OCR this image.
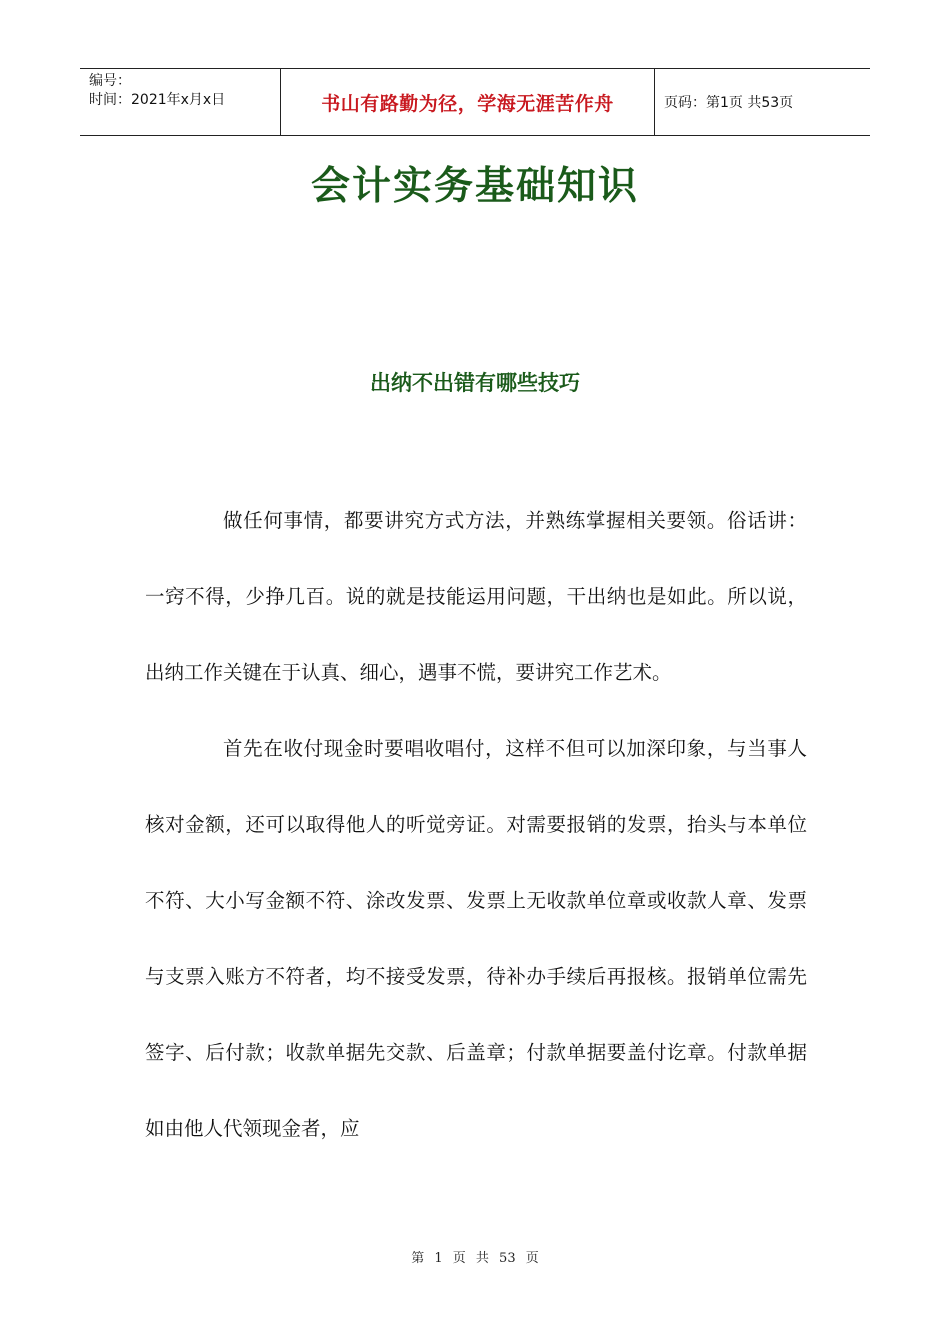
编号：
时间：2021年x月x日	书山有路勤为径，学海无涯苦作舟	页码：第1页 共53页
会计实务基础知识
出纳不出错有哪些技巧

做任何事情，都要讲究方式方法，并熟练掌握相关要领。俗话讲：一窍不得，少挣几百。说的就是技能运用问题，干出纳也是如此。所以说，出纳工作关键在于认真、细心，遇事不慌，要讲究工作艺术。

首先在收付现金时要唱收唱付，这样不但可以加深印象，与当事人核对金额，还可以取得他人的听觉旁证。对需要报销的发票，抬头与本单位不符、大小写金额不符、涂改发票、发票上无收款单位章或收款人章、发票与支票入账方不符者，均不接受发票，待补办手续后再报核。报销单位需先签字、后付款；收款单据先交款、后盖章；付款单据要盖付讫章。付款单据如由他人代领现金者，应

第 1 页 共 53 页
